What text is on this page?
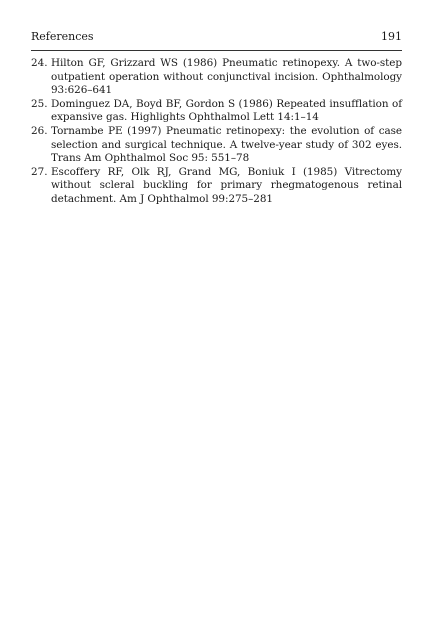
References	191
24. Hilton GF, Grizzard WS (1986) Pneumatic retinopexy. A two-step outpatient operation without conjunctival incision. Ophthalmology 93:626–641
25. Dominguez DA, Boyd BF, Gordon S (1986) Repeated insufflation of expansive gas. Highlights Ophthalmol Lett 14:1–14
26. Tornambe PE (1997) Pneumatic retinopexy: the evolution of case selection and surgical technique. A twelve-year study of 302 eyes. Trans Am Ophthalmol Soc 95: 551–78
27. Escoffery RF, Olk RJ, Grand MG, Boniuk I (1985) Vitrectomy without scleral buckling for primary rhegmatogenous retinal detachment. Am J Ophthalmol 99:275–281
